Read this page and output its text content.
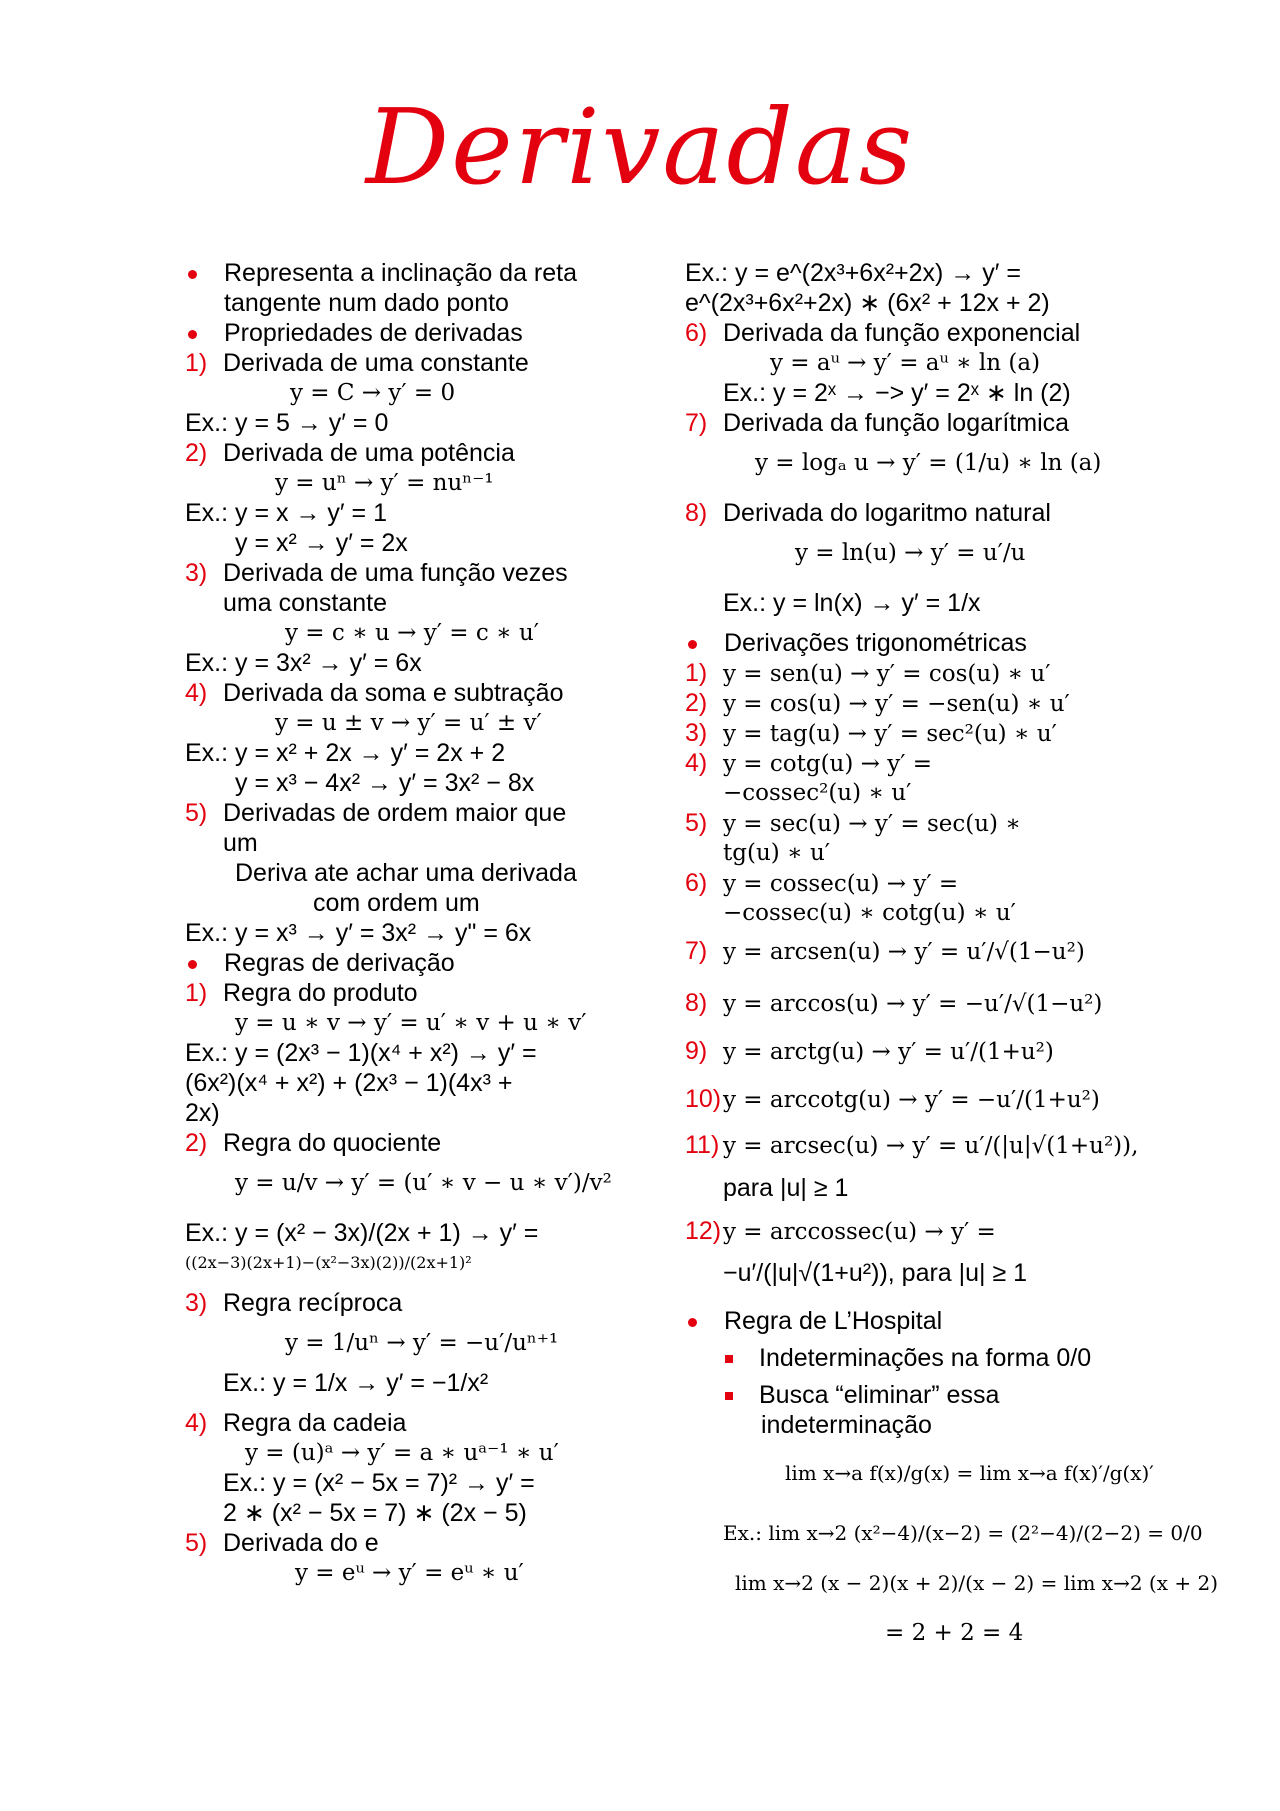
Derivadas
Representa a inclinação da reta
tangente num dado ponto
Propriedades de derivadas
1) Derivada de uma constante
y = C → y′ = 0
Ex.: y = 5 → y′ = 0
2) Derivada de uma potência
y = uⁿ → y′ = nuⁿ⁻¹
Ex.: y = x → y′ = 1
y = x² → y′ = 2x
3) Derivada de uma função vezes
uma constante
y = c ∗ u → y′ = c ∗ u′
Ex.: y = 3x² → y′ = 6x
4) Derivada da soma e subtração
y = u ± v → y′ = u′ ± v′
Ex.: y = x² + 2x → y′ = 2x + 2
y = x³ − 4x² → y′ = 3x² − 8x
5) Derivadas de ordem maior que
um
Deriva ate achar uma derivada
com ordem um
Ex.: y = x³ → y′ = 3x² → y" = 6x
Regras de derivação
1) Regra do produto
y = u ∗ v → y′ = u′ ∗ v + u ∗ v′
Ex.: y = (2x³ − 1)(x⁴ + x²) → y′ =
(6x²)(x⁴ + x²) + (2x³ − 1)(4x³ +
2x)
2) Regra do quociente
y = u/v → y′ = (u′ ∗ v − u ∗ v′)/v²
Ex.: y = (x² − 3x)/(2x + 1) → y′ =
((2x−3)(2x+1)−(x²−3x)(2))/(2x+1)²
3) Regra recíproca
y = 1/uⁿ → y′ = −u′/uⁿ⁺¹
Ex.: y = 1/x → y′ = −1/x²
4) Regra da cadeia
y = (u)ᵃ → y′ = a ∗ uᵃ⁻¹ ∗ u′
Ex.: y = (x² − 5x = 7)² → y′ =
2 ∗ (x² − 5x = 7) ∗ (2x − 5)
5) Derivada do e
y = eᵘ → y′ = eᵘ ∗ u′
Ex.: y = e^(2x³+6x²+2x) → y′ =
e^(2x³+6x²+2x) ∗ (6x² + 12x + 2)
6) Derivada da função exponencial
y = aᵘ → y′ = aᵘ ∗ ln (a)
Ex.: y = 2ˣ → −> y′ = 2ˣ ∗ ln (2)
7) Derivada da função logarítmica
y = logₐ u → y′ = (1/u) ∗ ln (a)
8) Derivada do logaritmo natural
y = ln(u) → y′ = u′/u
Ex.: y = ln(x) → y′ = 1/x
Derivações trigonométricas
1) y = sen(u) → y′ = cos(u) ∗ u′
2) y = cos(u) → y′ = −sen(u) ∗ u′
3) y = tag(u) → y′ = sec²(u) ∗ u′
4) y = cotg(u) → y′ =
−cossec²(u) ∗ u′
5) y = sec(u) → y′ = sec(u) ∗
tg(u) ∗ u′
6) y = cossec(u) → y′ =
−cossec(u) ∗ cotg(u) ∗ u′
7) y = arcsen(u) → y′ = u′/√(1−u²)
8) y = arccos(u) → y′ = −u′/√(1−u²)
9) y = arctg(u) → y′ = u′/(1+u²)
10)y = arccotg(u) → y′ = −u′/(1+u²)
11) y = arcsec(u) → y′ = u′/(|u|√(1+u²)),
para |u| ≥ 1
12)y = arccossec(u) → y′ =
−u′/(|u|√(1+u²)), para |u| ≥ 1
Regra de L’Hospital
Indeterminações na forma 0/0
Busca “eliminar” essa
indeterminação
lim x→a f(x)/g(x) = lim x→a f(x)′/g(x)′
Ex.: lim x→2 (x²−4)/(x−2) = (2²−4)/(2−2) = 0/0
lim x→2 (x − 2)(x + 2)/(x − 2) = lim x→2 (x + 2)
= 2 + 2 = 4
